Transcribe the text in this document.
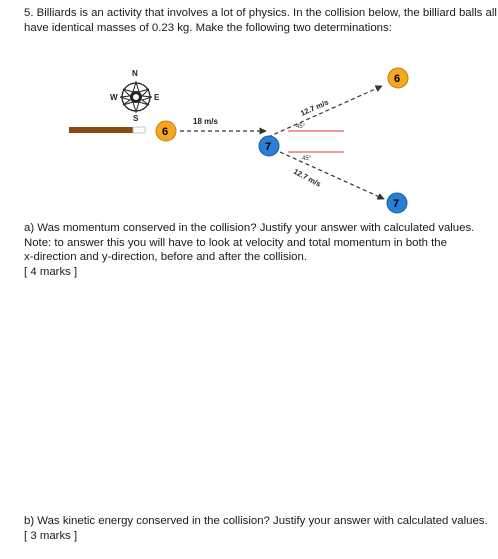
5. Billiards is an activity that involves a lot of physics. In the collision below, the billiard balls all
have identical masses of 0.23 kg. Make the following two determinations:

N
E
S
W
18 m/s
6
12.7 m/s
12.7 m/s
45°
45°
7
6
7

a) Was momentum conserved in the collision? Justify your answer with calculated values.
Note: to answer this you will have to look at velocity and total momentum in both the
x-direction and y-direction, before and after the collision.
[ 4 marks ]

b) Was kinetic energy conserved in the collision? Justify your answer with calculated values.
[ 3 marks ]
